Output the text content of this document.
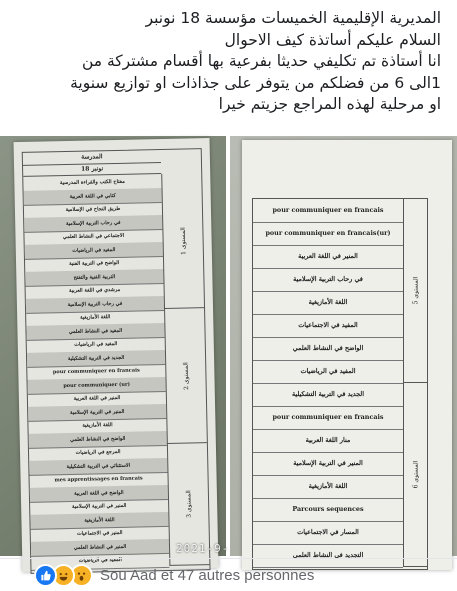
المديرية الإقليمية الخميسات مؤسسة 18 نونبر
السلام عليكم أساتذة كيف الاحوال
انا أستاذة تم تكليفي حديثا بفرعية بها أقسام مشتركة من
1الى 6 من فضلكم من يتوفر على جذاذات او توازيع سنوية
او مرحلية لهذه المراجع جزيتم خيرا
المدرسة
18 نونبر
مفتاح الكتب والقراءة المدرسية
كتابي في اللغة العربية
طريق النجاح في الإسلامية
في رحاب التربية الإسلامية
الاجتماعي في النشاط العلمي
المفيد في الرياضيات
الواضح في التربية الفنية
التربية الفنية والتفتح
مرشدي في اللغة العربية
في رحاب التربية الإسلامية
اللغة الأمازيغية
المفيد في النشاط العلمي
المفيد في الرياضيات
الجديد في التربية التشكيلية
pour communiquer en francais
pour communiquer (ur)
المنير في اللغة العربية
المنير في التربية الإسلامية
اللغة الأمازيغية
الواضح في النشاط العلمي
المرجع في الرياضيات
الاستثنائي في التربية التشكيلية
mes apprentissages en francais
الواضح في اللغة العربية
المنير في التربية الإسلامية
اللغة الأمازيغية
المنير في الاجتماعيات
المنير في النشاط العلمي
المفيد في الرياضيات
المستوى 1
المستوى 2
المستوى 3
pour communiquer en francais
pour communiquer en francais(ur)
المنير في اللغة العربية
في رحاب التربية الإسلامية
اللغة الأمازيغية
المفيد في الاجتماعيات
الواضح في النشاط العلمي
المفيد في الرياضيات
الجديد في التربية التشكيلية
pour communiquer en francais
منار اللغة العربية
المنير في التربية الإسلامية
اللغة الأمازيغية
Parcours sequences
المسار في الاجتماعيات
التجديد في النشاط العلمي
المستوى 5
المستوى 6
2021-9-
Sou Aad et 47 autres personnes
